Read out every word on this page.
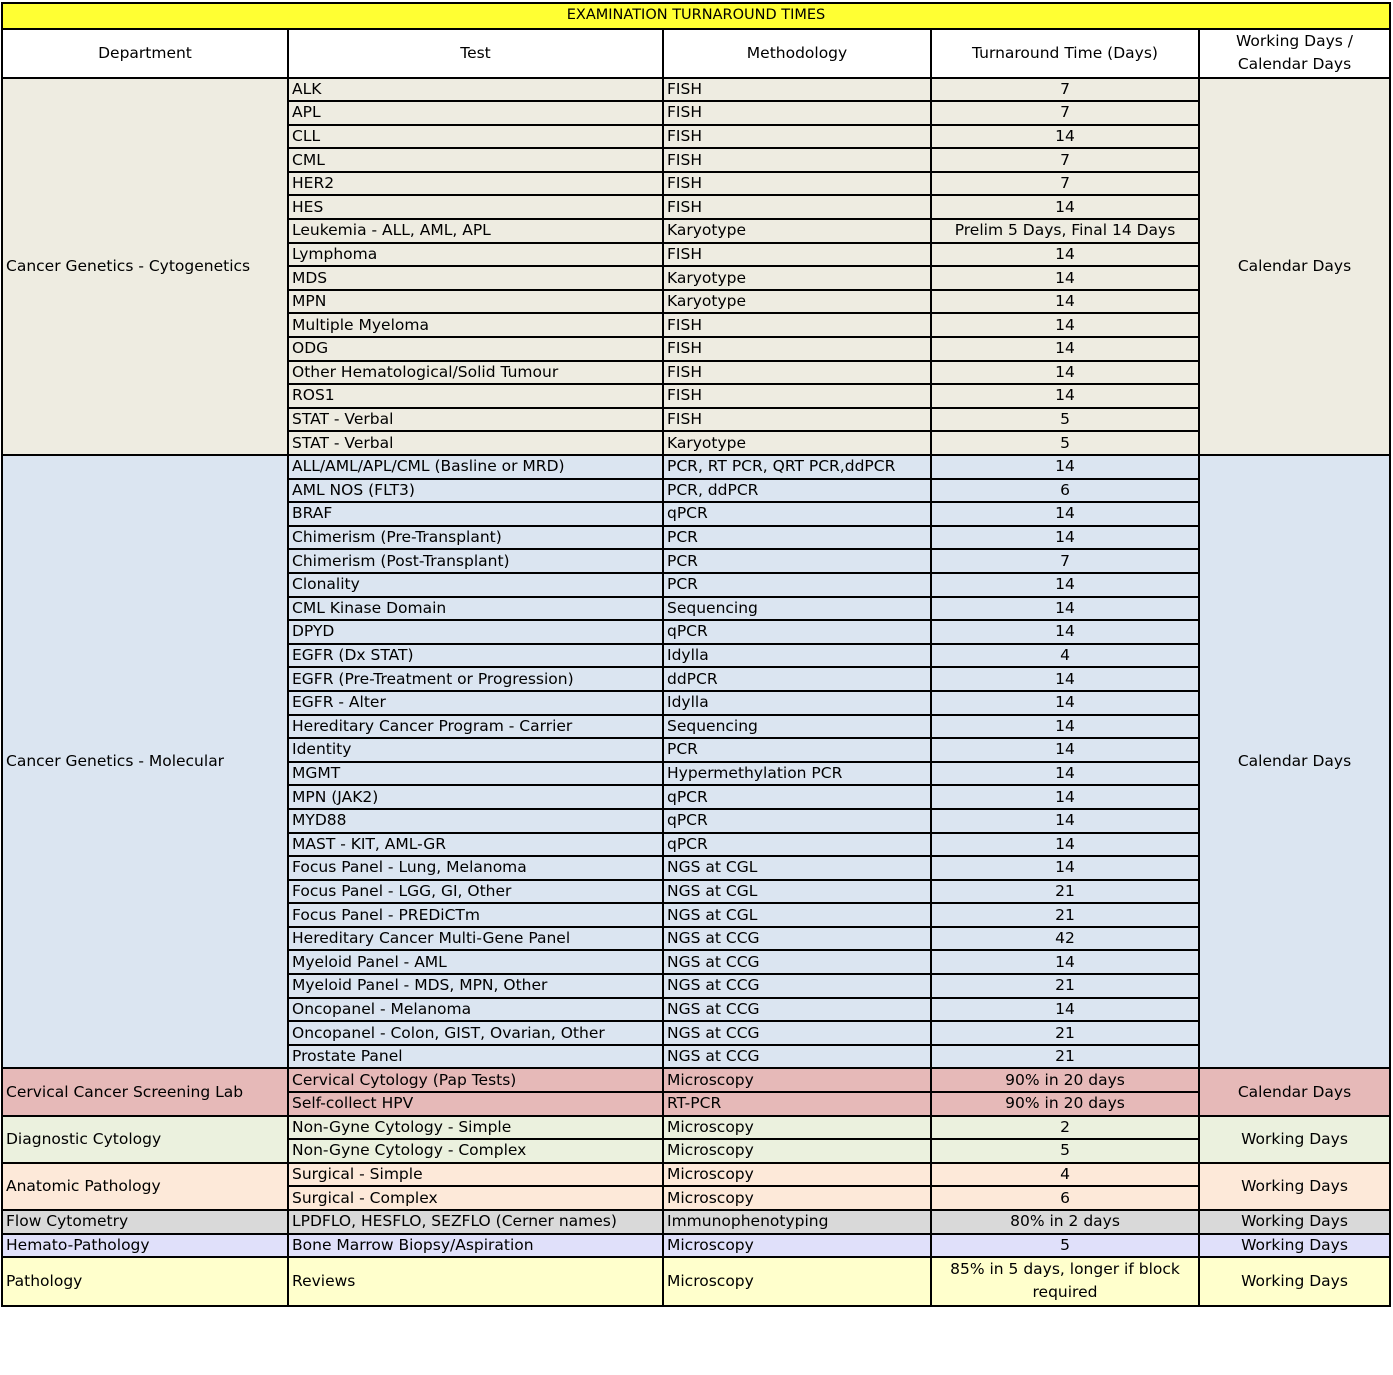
EXAMINATION TURNAROUND TIMES				
Department	Test	Methodology	Turnaround Time (Days)	Working Days / Calendar Days
Cancer Genetics - Cytogenetics	ALK	FISH	7	Calendar Days
	APL	FISH	7	
	CLL	FISH	14	
	CML	FISH	7	
	HER2	FISH	7	
	HES	FISH	14	
	Leukemia - ALL, AML, APL	Karyotype	Prelim 5 Days, Final 14 Days	
	Lymphoma	FISH	14	
	MDS	Karyotype	14	
	MPN	Karyotype	14	
	Multiple Myeloma	FISH	14	
	ODG	FISH	14	
	Other Hematological/Solid Tumour	FISH	14	
	ROS1	FISH	14	
	STAT - Verbal	FISH	5	
	STAT - Verbal	Karyotype	5	
Cancer Genetics - Molecular	ALL/AML/APL/CML (Basline or MRD)	PCR, RT PCR, QRT PCR,ddPCR	14	Calendar Days
	AML NOS (FLT3)	PCR, ddPCR	6	
	BRAF	qPCR	14	
	Chimerism (Pre-Transplant)	PCR	14	
	Chimerism (Post-Transplant)	PCR	7	
	Clonality	PCR	14	
	CML Kinase Domain	Sequencing	14	
	DPYD	qPCR	14	
	EGFR (Dx STAT)	Idylla	4	
	EGFR (Pre-Treatment or Progression)	ddPCR	14	
	EGFR - Alter	Idylla	14	
	Hereditary Cancer Program - Carrier	Sequencing	14	
	Identity	PCR	14	
	MGMT	Hypermethylation PCR	14	
	MPN (JAK2)	qPCR	14	
	MYD88	qPCR	14	
	MAST - KIT, AML-GR	qPCR	14	
	Focus Panel - Lung, Melanoma	NGS at CGL	14	
	Focus Panel - LGG, GI, Other	NGS at CGL	21	
	Focus Panel - PREDiCTm	NGS at CGL	21	
	Hereditary Cancer Multi-Gene Panel	NGS at CCG	42	
	Myeloid Panel - AML	NGS at CCG	14	
	Myeloid Panel - MDS, MPN, Other	NGS at CCG	21	
	Oncopanel - Melanoma	NGS at CCG	14	
	Oncopanel - Colon, GIST, Ovarian, Other	NGS at CCG	21	
	Prostate Panel	NGS at CCG	21	
Cervical Cancer Screening Lab	Cervical Cytology (Pap Tests)	Microscopy	90% in 20 days	Calendar Days
	Self-collect HPV	RT-PCR	90% in 20 days	
Diagnostic Cytology	Non-Gyne Cytology - Simple	Microscopy	2	Working Days
	Non-Gyne Cytology - Complex	Microscopy	5	
Anatomic Pathology	Surgical - Simple	Microscopy	4	Working Days
	Surgical - Complex	Microscopy	6	
Flow Cytometry	LPDFLO, HESFLO, SEZFLO (Cerner names)	Immunophenotyping	80% in 2 days	Working Days
Hemato-Pathology	Bone Marrow Biopsy/Aspiration	Microscopy	5	Working Days
Pathology	Reviews	Microscopy	85% in 5 days, longer if block required	Working Days
